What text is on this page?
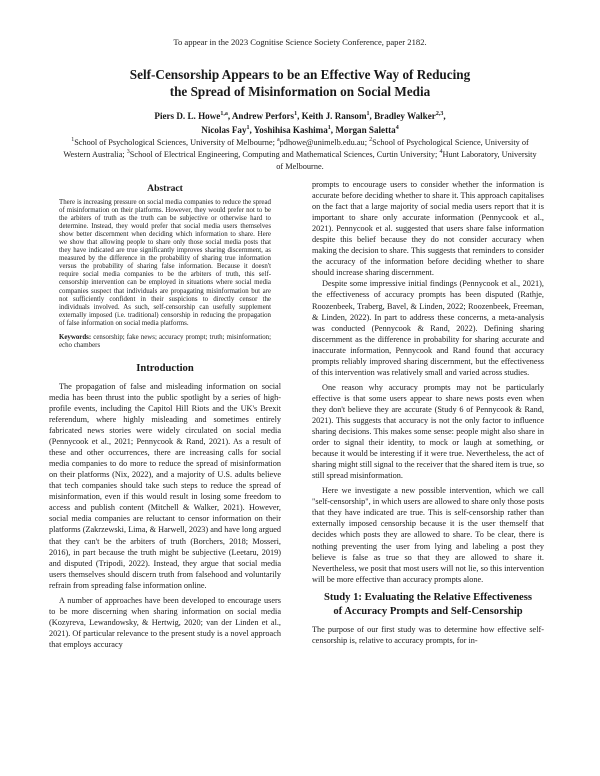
To appear in the 2023 Cognitise Science Society Conference, paper 2182.
Self-Censorship Appears to be an Effective Way of Reducing
the Spread of Misinformation on Social Media
Piers D. L. Howe$^{1,a}$, Andrew Perfors$^1$, Keith J. Ransom$^1$, Bradley Walker$^{2,3}$,
Nicolas Fay$^1$, Yoshihisa Kashima$^1$, Morgan Saletta$^4$
$^1$School of Psychological Sciences, University of Melbourne; $^a$pdhowe@unimelb.edu.au; $^2$School of Psychological Science, University of Western Australia; $^3$School of Electrical Engineering, Computing and Mathematical Sciences, Curtin University; $^4$Hunt Laboratory, University of Melbourne.
Abstract

There is increasing pressure on social media companies to reduce the spread of misinformation on their platforms. However, they would prefer not to be the arbiters of truth as the truth can be subjective or otherwise hard to determine. Instead, they would prefer that social media users themselves show better discernment when deciding which information to share. Here we show that allowing people to share only those social media posts that they have indicated are true significantly improves sharing discernment, as measured by the difference in the probability of sharing true information versus the probability of sharing false information. Because it doesn't require social media companies to be the arbiters of truth, this self-censorship intervention can be employed in situations where social media companies suspect that individuals are propagating misinformation but are not sufficiently confident in their suspicions to directly censor the individuals involved. As such, self-censorship can usefully supplement externally imposed (i.e. traditional) censorship in reducing the propagation of false information on social media platforms.

Keywords: censorship; fake news; accuracy prompt; truth; misinformation; echo chambers

Introduction

The propagation of false and misleading information on social media has been thrust into the public spotlight by a series of high-profile events, including the Capitol Hill Riots and the UK's Brexit referendum, where highly misleading and sometimes entirely fabricated news stories were widely circulated on social media (Pennycook et al., 2021; Pennycook & Rand, 2021). As a result of these and other occurrences, there are increasing calls for social media companies to do more to reduce the spread of misinformation on their platforms (Nix, 2022), and a majority of U.S. adults believe that tech companies should take such steps to reduce the spread of misinformation, even if this would result in losing some freedom to access and publish content (Mitchell & Walker, 2021). However, social media companies are reluctant to censor information on their platforms (Zakrzewski, Lima, & Harwell, 2023) and have long argued that they can't be the arbiters of truth (Borchers, 2018; Mosseri, 2016), in part because the truth might be subjective (Leetaru, 2019) and disputed (Tripodi, 2022). Instead, they argue that social media users themselves should discern truth from falsehood and voluntarily refrain from spreading false information online.

A number of approaches have been developed to encourage users to be more discerning when sharing information on social media (Kozyreva, Lewandowsky, & Hertwig, 2020; van der Linden et al., 2021). Of particular relevance to the present study is a novel approach that employs accuracy

prompts to encourage users to consider whether the information is accurate before deciding whether to share it. This approach capitalises on the fact that a large majority of social media users report that it is important to share only accurate information (Pennycook et al., 2021). Pennycook et al. suggested that users share false information despite this belief because they do not consider accuracy when making the decision to share. This suggests that reminders to consider the accuracy of the information before deciding whether to share should increase sharing discernment.

Despite some impressive initial findings (Pennycook et al., 2021), the effectiveness of accuracy prompts has been disputed (Rathje, Roozenbeek, Traberg, Bavel, & Linden, 2022; Roozenbeek, Freeman, & Linden, 2022). In part to address these concerns, a meta-analysis was conducted (Pennycook & Rand, 2022). Defining sharing discernment as the difference in probability for sharing accurate and inaccurate information, Pennycook and Rand found that accuracy prompts reliably improved sharing discernment, but the effectiveness of this intervention was relatively small and varied across studies.

One reason why accuracy prompts may not be particularly effective is that some users appear to share news posts even when they don't believe they are accurate (Study 6 of Pennycook & Rand, 2021). This suggests that accuracy is not the only factor to influence sharing decisions. This makes some sense: people might also share in order to signal their identity, to mock or laugh at something, or because it would be interesting if it were true. Nevertheless, the act of sharing might still signal to the receiver that the shared item is true, so still spread misinformation.

Here we investigate a new possible intervention, which we call "self-censorship", in which users are allowed to share only those posts that they have indicated are true. This is self-censorship rather than externally imposed censorship because it is the user themself that decides which posts they are allowed to share. To be clear, there is nothing preventing the user from lying and labeling a post they believe is false as true so that they are allowed to share it. Nevertheless, we posit that most users will not lie, so this intervention will be more effective than accuracy prompts alone.

Study 1: Evaluating the Relative Effectiveness
of Accuracy Prompts and Self-Censorship

The purpose of our first study was to determine how effective self-censorship is, relative to accuracy prompts, for in-
